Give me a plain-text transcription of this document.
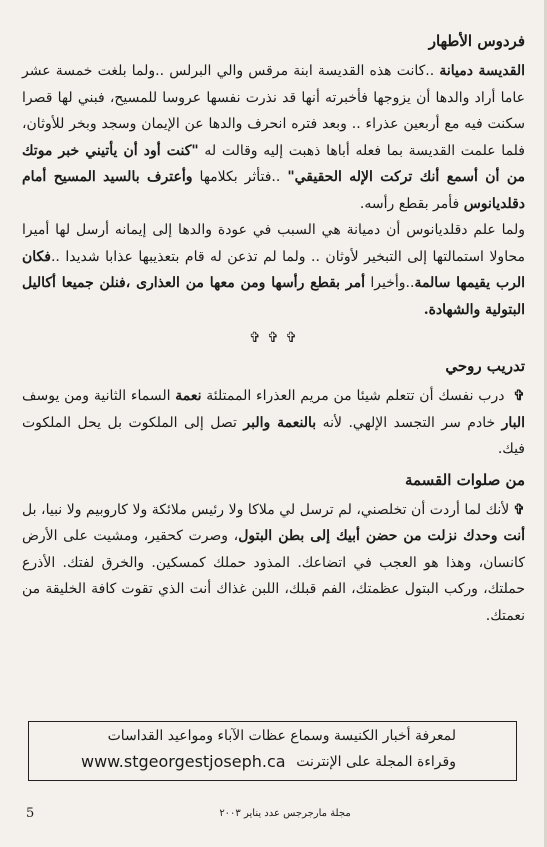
فردوس الأطهار

القديسة دميانة ..كانت هذه القديسة ابنة مرقس والي البرلس ..ولما بلغت خمسة عشر عاما أراد والدها أن يزوجها فأخبرته أنها قد نذرت نفسها عروسا للمسيح، فبني لها قصرا سكنت فيه مع أربعين عذراء .. وبعد فتره انحرف والدها عن الإيمان وسجد وبخر للأوثان، فلما علمت القديسة بما فعله أباها ذهبت إليه وقالت له "كنت أود أن يأتيني خبر موتك من أن أسمع أنك تركت الإله الحقيقي" ..فتأثر بكلامها وأعترف بالسيد المسيح أمام دقلديانوس فأمر بقطع رأسه.

ولما علم دقلديانوس أن دميانة هي السبب في عودة والدها إلى إيمانه أرسل لها أميرا محاولا استمالتها إلى التبخير لأوثان .. ولما لم تذعن له قام بتعذيبها عذابا شديدا ..فكان الرب يقيمها سالمة..وأخيرا أمر بقطع رأسها ومن معها من العذارى ،فنلن جميعا أكاليل البتولية والشهادة.

✞ ✞ ✞
تدريب روحي

✞ درب نفسك أن تتعلم شيئا من مريم العذراء الممتلئة نعمة السماء الثانية ومن يوسف البار خادم سر التجسد الإلهي. لأنه بالنعمة والبر تصل إلى الملكوت بل يحل الملكوت فيك.

من صلوات القسمة

✞لأنك لما أردت أن تخلصني، لم ترسل لي ملاكا ولا رئيس ملائكة ولا كاروبيم ولا نبيا، بل أنت وحدك نزلت من حضن أبيك إلى بطن البتول، وصرت كحقير، ومشيت على الأرض كانسان، وهذا هو العجب في اتضاعك. المذود حملك كمسكين. والخرق لفتك. الأذرع حملتك، وركب البتول عظمتك، الفم قبلك، اللبن غذاك أنت الذي تقوت كافة الخليقة من نعمتك.

لمعرفة أخبار الكنيسة وسماع عظات الآباء ومواعيد القداسات
وقراءة المجلة على الإنترنت
www.stgeorgestjoseph.ca
5	مجلة مارجرجس عدد يناير ٢٠٠٣
